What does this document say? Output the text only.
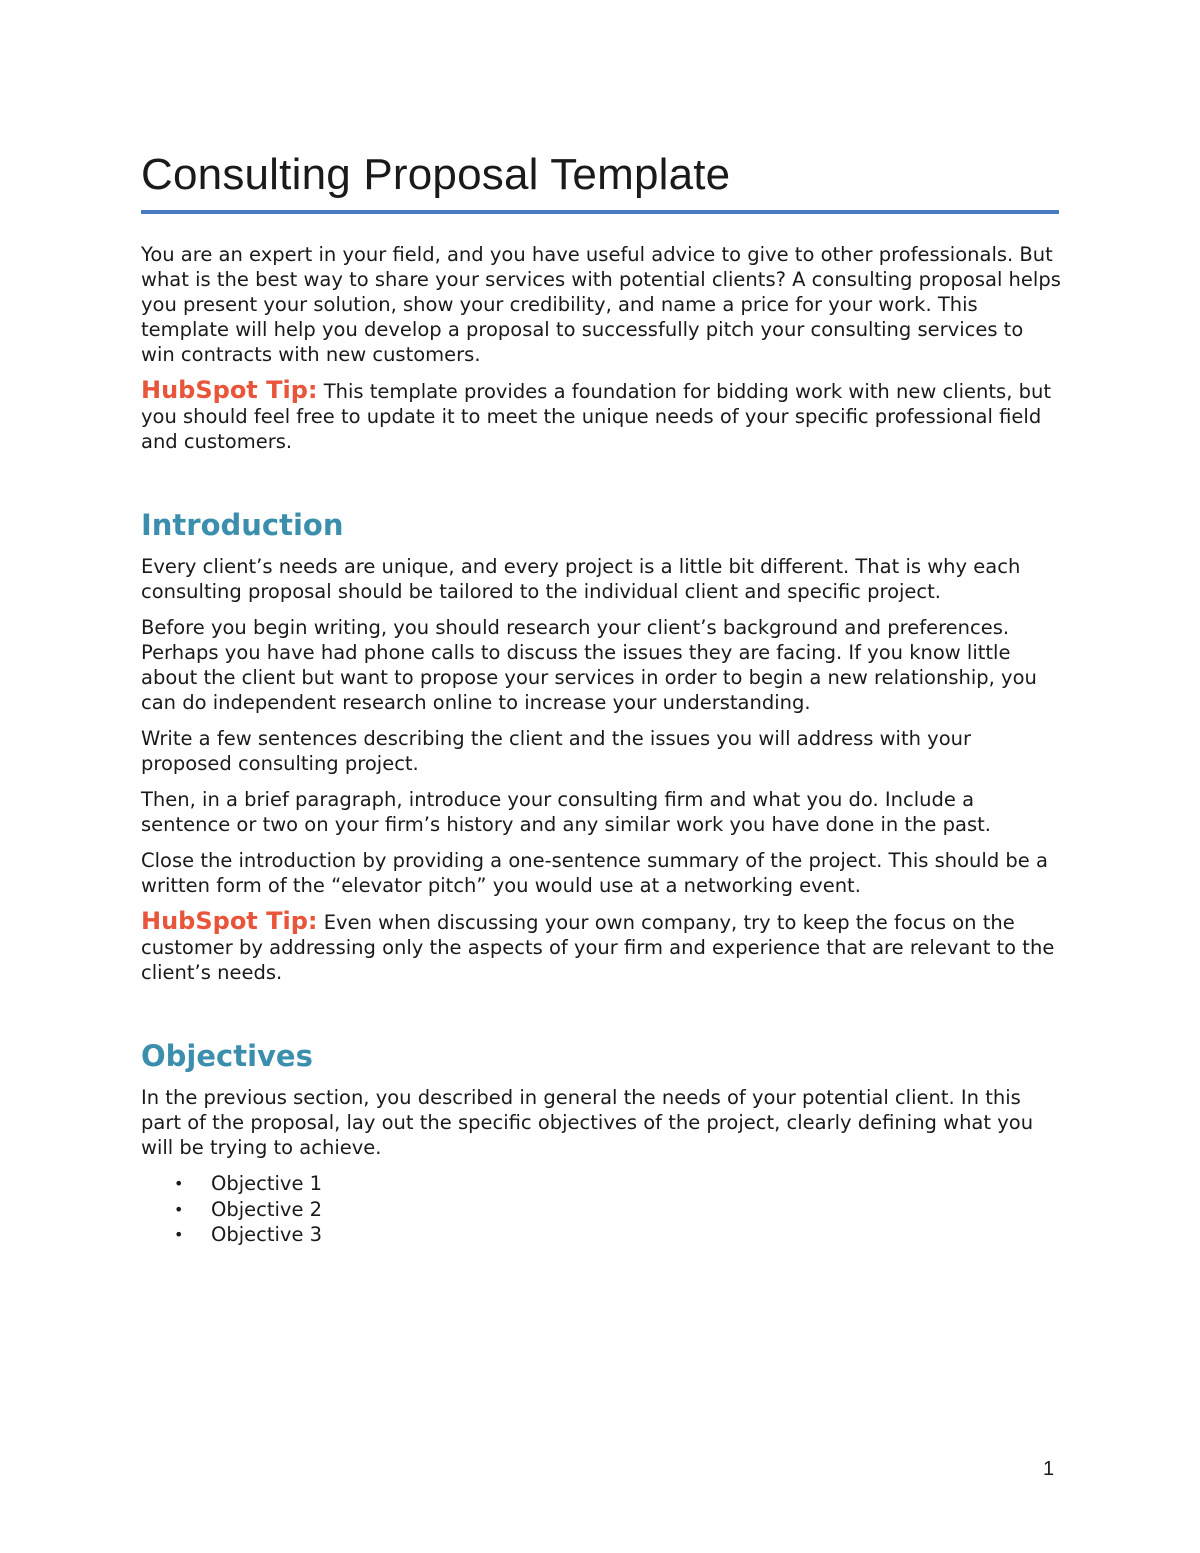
Consulting Proposal Template

You are an expert in your field, and you have useful advice to give to other professionals. But what is the best way to share your services with potential clients? A consulting proposal helps you present your solution, show your credibility, and name a price for your work. This template will help you develop a proposal to successfully pitch your consulting services to win contracts with new customers.

HubSpot Tip: This template provides a foundation for bidding work with new clients, but you should feel free to update it to meet the unique needs of your specific professional field and customers.

Introduction

Every client’s needs are unique, and every project is a little bit different. That is why each consulting proposal should be tailored to the individual client and specific project.

Before you begin writing, you should research your client’s background and preferences. Perhaps you have had phone calls to discuss the issues they are facing. If you know little about the client but want to propose your services in order to begin a new relationship, you can do independent research online to increase your understanding.

Write a few sentences describing the client and the issues you will address with your proposed consulting project.

Then, in a brief paragraph, introduce your consulting firm and what you do. Include a sentence or two on your firm’s history and any similar work you have done in the past.

Close the introduction by providing a one-sentence summary of the project. This should be a written form of the “elevator pitch” you would use at a networking event.

HubSpot Tip: Even when discussing your own company, try to keep the focus on the customer by addressing only the aspects of your firm and experience that are relevant to the client’s needs.

Objectives

In the previous section, you described in general the needs of your potential client. In this part of the proposal, lay out the specific objectives of the project, clearly defining what you will be trying to achieve.

• Objective 1
• Objective 2
• Objective 3
1
